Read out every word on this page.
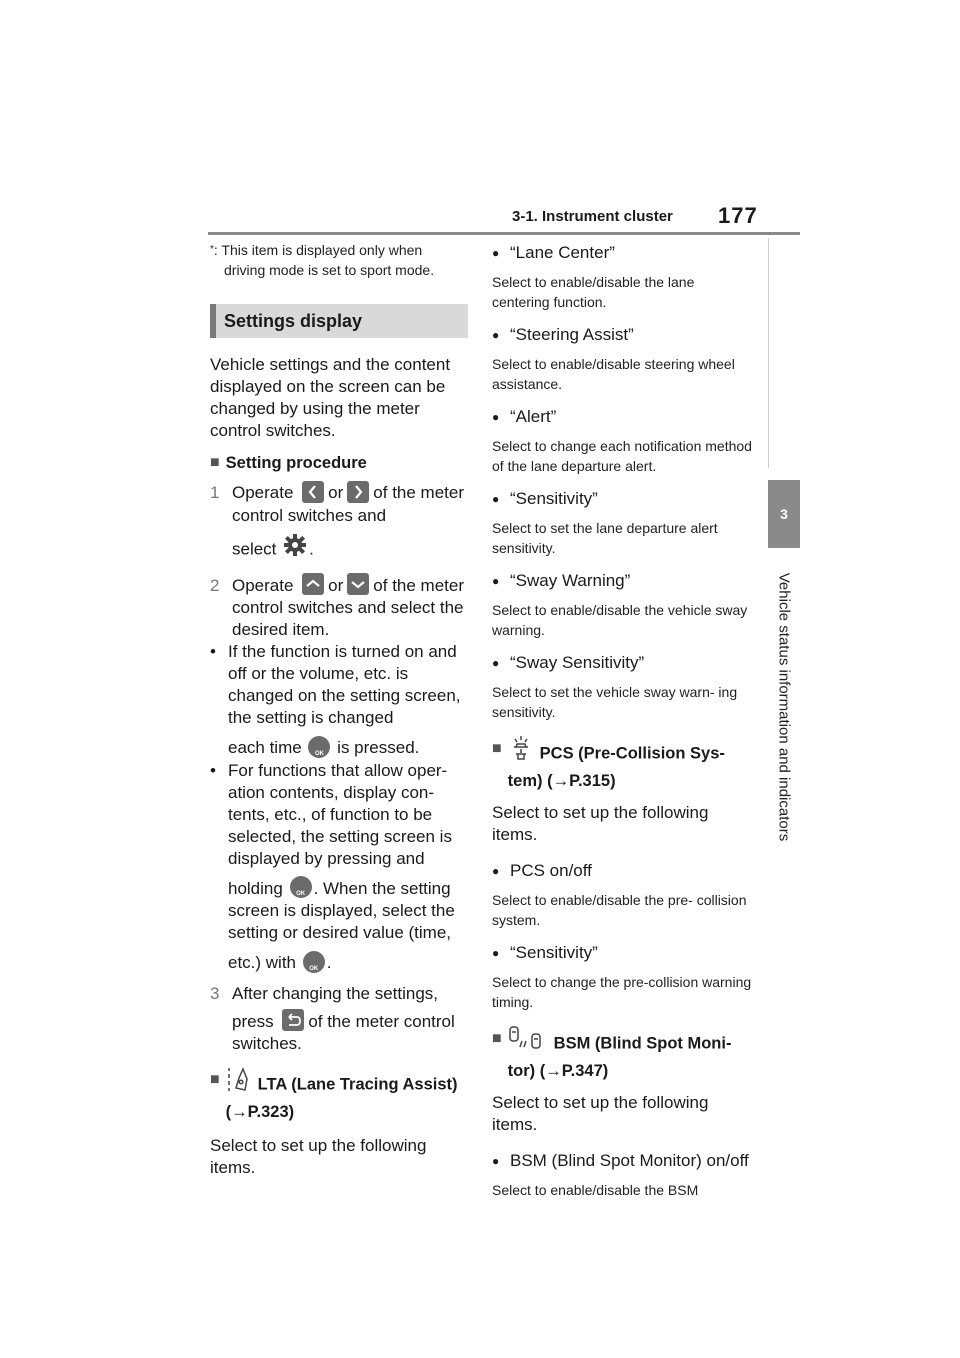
3-1. Instrument cluster 177
3
Vehicle status information and indicators
*: This item is displayed only when
driving mode is set to sport mode.
Settings display

Vehicle settings and the content displayed on the screen can be changed by using the meter control switches.

■ Setting procedure
1 Operate or of the meter control switches and
select .
2 Operate or of the meter control switches and select the desired item.
• If the function is turned on and off or the volume, etc. is changed on the setting screen, the setting is changed
each time OK is pressed.
• For functions that allow oper- ation contents, display con- tents, etc., of function to be selected, the setting screen is displayed by pressing and
holding OK . When the setting screen is displayed, select the setting or desired value (time,
etc.) with OK .
3 After changing the settings,
press of the meter control switches.
■	LTA (Lane Tracing Assist) (→P.323)

Select to set up the following items.

● “Lane Center”

Select to enable/disable the lane centering function.

● “Steering Assist”

Select to enable/disable steering wheel assistance.

● “Alert”

Select to change each notification method of the lane departure alert.

● “Sensitivity”

Select to set the lane departure alert sensitivity.

● “Sway Warning”

Select to enable/disable the vehicle sway warning.

● “Sway Sensitivity”

Select to set the vehicle sway warn- ing sensitivity.

■	PCS (Pre-Collision Sys- tem) (→P.315)

Select to set up the following items.

● PCS on/off

Select to enable/disable the pre- collision system.

● “Sensitivity”

Select to change the pre-collision warning timing.

■	BSM (Blind Spot Moni- tor) (→P.347)

Select to set up the following items.

● BSM (Blind Spot Monitor) on/off

Select to enable/disable the BSM
